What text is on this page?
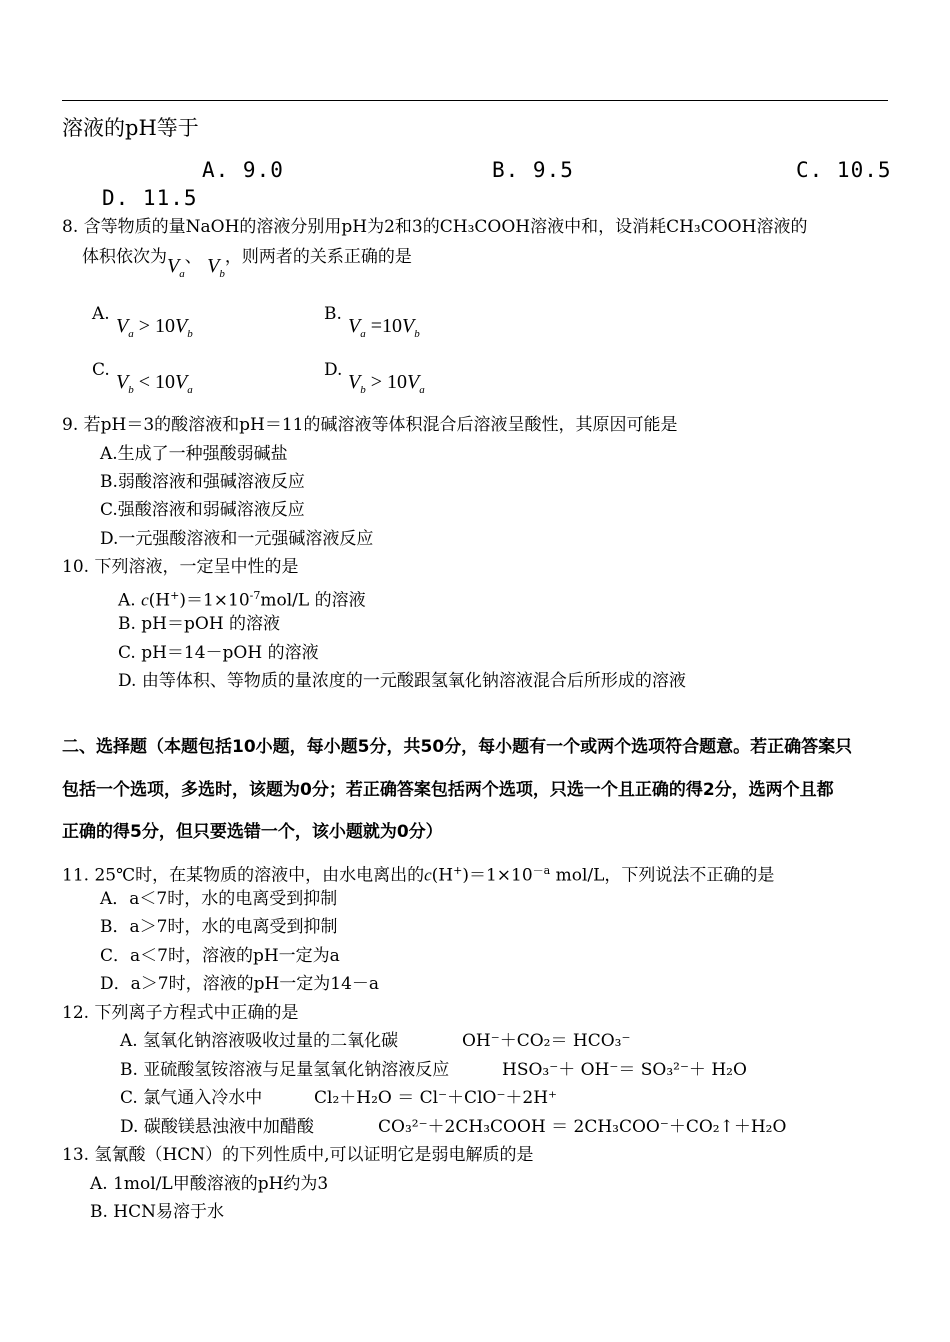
溶液的pH等于
A. 9.0	B. 9.5	C. 10.5
D. 11.5
8. 含等物质的量NaOH的溶液分别用pH为2和3的CH₃COOH溶液中和，设消耗CH₃COOH溶液的
体积依次为$V_a$、 $V_b$，则两者的关系正确的是
A.
$V_a > 10V_b$
B.
$V_a =10V_b$
C.
$V_b < 10V_a$
D.
$V_b > 10V_a$
9. 若pH＝3的酸溶液和pH＝11的碱溶液等体积混合后溶液呈酸性，其原因可能是
A.生成了一种强酸弱碱盐
B.弱酸溶液和强碱溶液反应
C.强酸溶液和弱碱溶液反应
D.一元强酸溶液和一元强碱溶液反应
10. 下列溶液，一定呈中性的是
A. $c(H^+)=1\times 10^{-7}mol/L$ 的溶液
B. pH＝pOH 的溶液
C. pH＝14－pOH 的溶液
D. 由等体积、等物质的量浓度的一元酸跟氢氧化钠溶液混合后所形成的溶液
二、选择题（本题包括10小题，每小题5分，共50分，每小题有一个或两个选项符合题意。若正确答案只
包括一个选项，多选时，该题为0分；若正确答案包括两个选项，只选一个且正确的得2分，选两个且都
正确的得5分，但只要选错一个，该小题就为0分）
11. 25℃时，在某物质的溶液中，由水电离出的$c(H^+)=1\times 10^{-a}$ mol/L，下列说法不正确的是
A．a＜7时，水的电离受到抑制
B．a＞7时，水的电离受到抑制
C．a＜7时，溶液的pH一定为a
D．a＞7时，溶液的pH一定为14－a
12. 下列离子方程式中正确的是
A. 氢氧化钠溶液吸收过量的二氧化碳	OH⁻＋CO₂＝ HCO₃⁻
B. 亚硫酸氢铵溶液与足量氢氧化钠溶液反应	HSO₃⁻＋ OH⁻＝ SO₃²⁻＋ H₂O
C. 氯气通入冷水中	Cl₂＋H₂O ＝ Cl⁻＋ClO⁻＋2H⁺
D. 碳酸镁悬浊液中加醋酸	CO₃²⁻＋2CH₃COOH ＝ 2CH₃COO⁻＋CO₂↑＋H₂O
13. 氢氰酸（HCN）的下列性质中,可以证明它是弱电解质的是
A. 1mol/L甲酸溶液的pH约为3
B. HCN易溶于水
